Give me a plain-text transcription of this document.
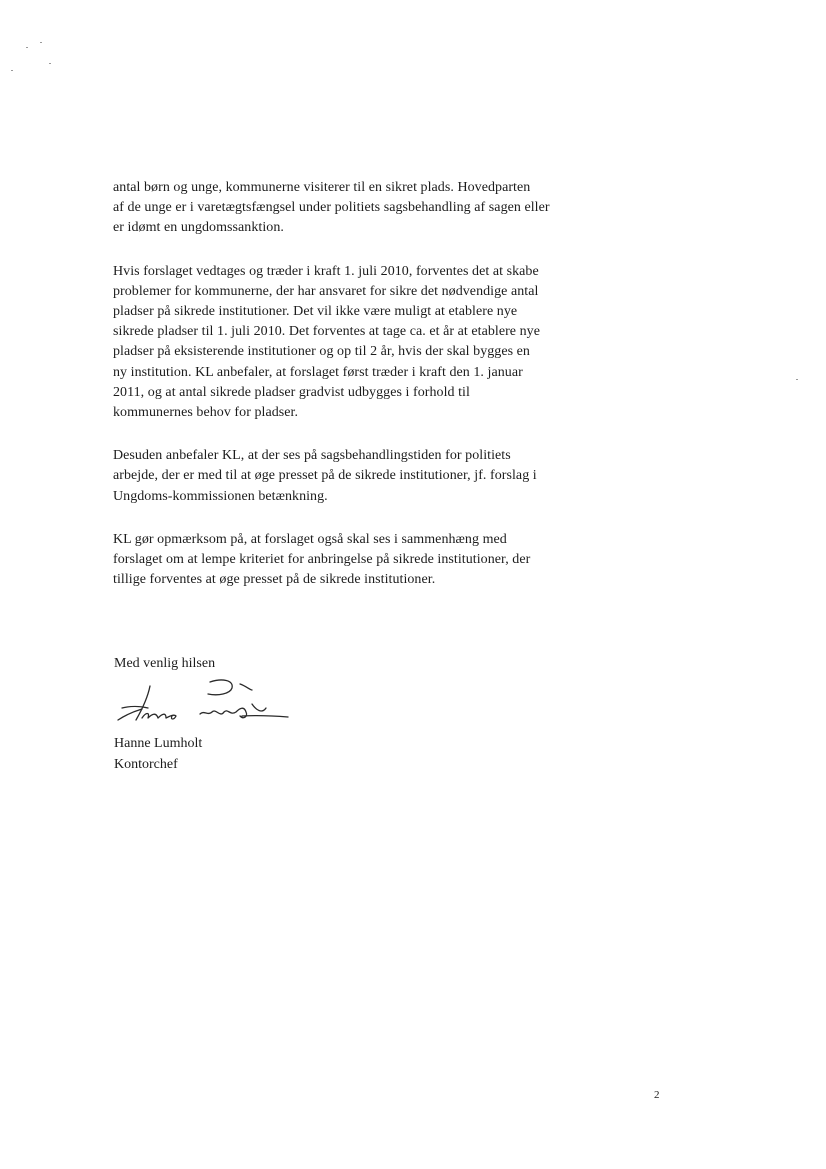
antal børn og unge, kommunerne visiterer til en sikret plads. Hovedparten
af de unge er i varetægtsfængsel under politiets sagsbehandling af sagen eller
er idømt en ungdomssanktion.
Hvis forslaget vedtages og træder i kraft 1. juli 2010, forventes det at skabe
problemer for kommunerne, der har ansvaret for sikre det nødvendige antal
pladser på sikrede institutioner. Det vil ikke være muligt at etablere nye
sikrede pladser til 1. juli 2010. Det forventes at tage ca. et år at etablere nye
pladser på eksisterende institutioner og op til 2 år, hvis der skal bygges en
ny institution. KL anbefaler, at forslaget først træder i kraft den 1. januar
2011, og at antal sikrede pladser gradvist udbygges i forhold til
kommunernes behov for pladser.
Desuden anbefaler KL, at der ses på sagsbehandlingstiden for politiets
arbejde, der er med til at øge presset på de sikrede institutioner, jf. forslag i
Ungdoms-kommissionen betænkning.
KL gør opmærksom på, at forslaget også skal ses i sammenhæng med
forslaget om at lempe kriteriet for anbringelse på sikrede institutioner, der
tillige forventes at øge presset på de sikrede institutioner.
Med venlig hilsen
Hanne Lumholt
Kontorchef
2
